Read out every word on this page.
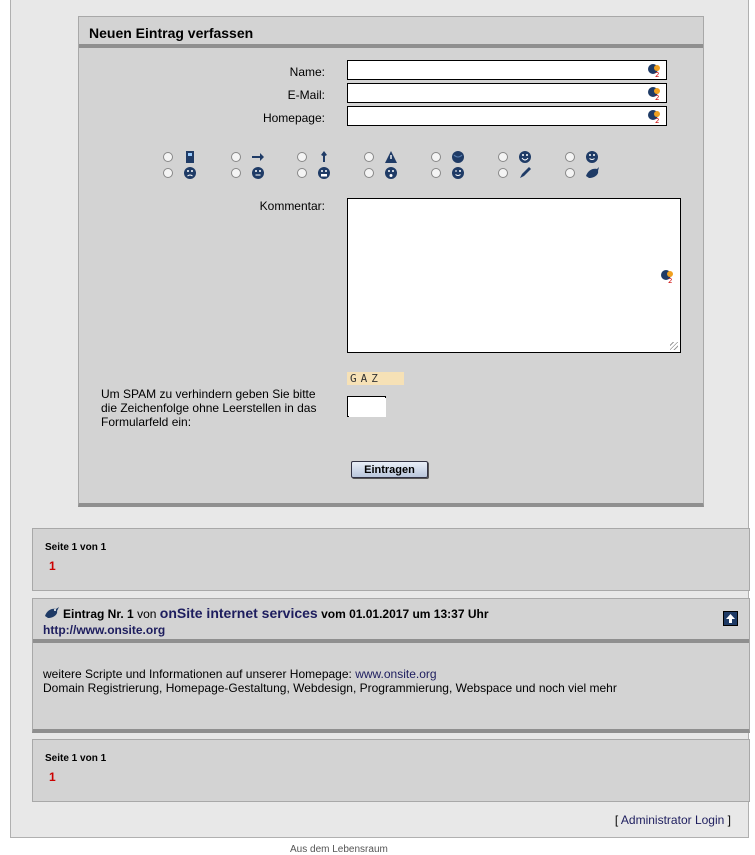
Neuen Eintrag verfassen
Name:	2
E-Mail:	2
Homepage:	2
Kommentar:
2
GAZ
Um SPAM zu verhindern geben Sie bitte die Zeichenfolge ohne Leerstellen in das Formularfeld ein:
Eintragen
Seite 1 von 1
1
Eintrag Nr. 1 von onSite internet services vom 01.01.2017 um 13:37 Uhr
http://www.onsite.org
weitere Scripte und Informationen auf unserer Homepage: www.onsite.org
Domain Registrierung, Homepage-Gestaltung, Webdesign, Programmierung, Webspace und noch viel mehr
Seite 1 von 1
1
[ Administrator Login ]
Aus dem Lebensraum
